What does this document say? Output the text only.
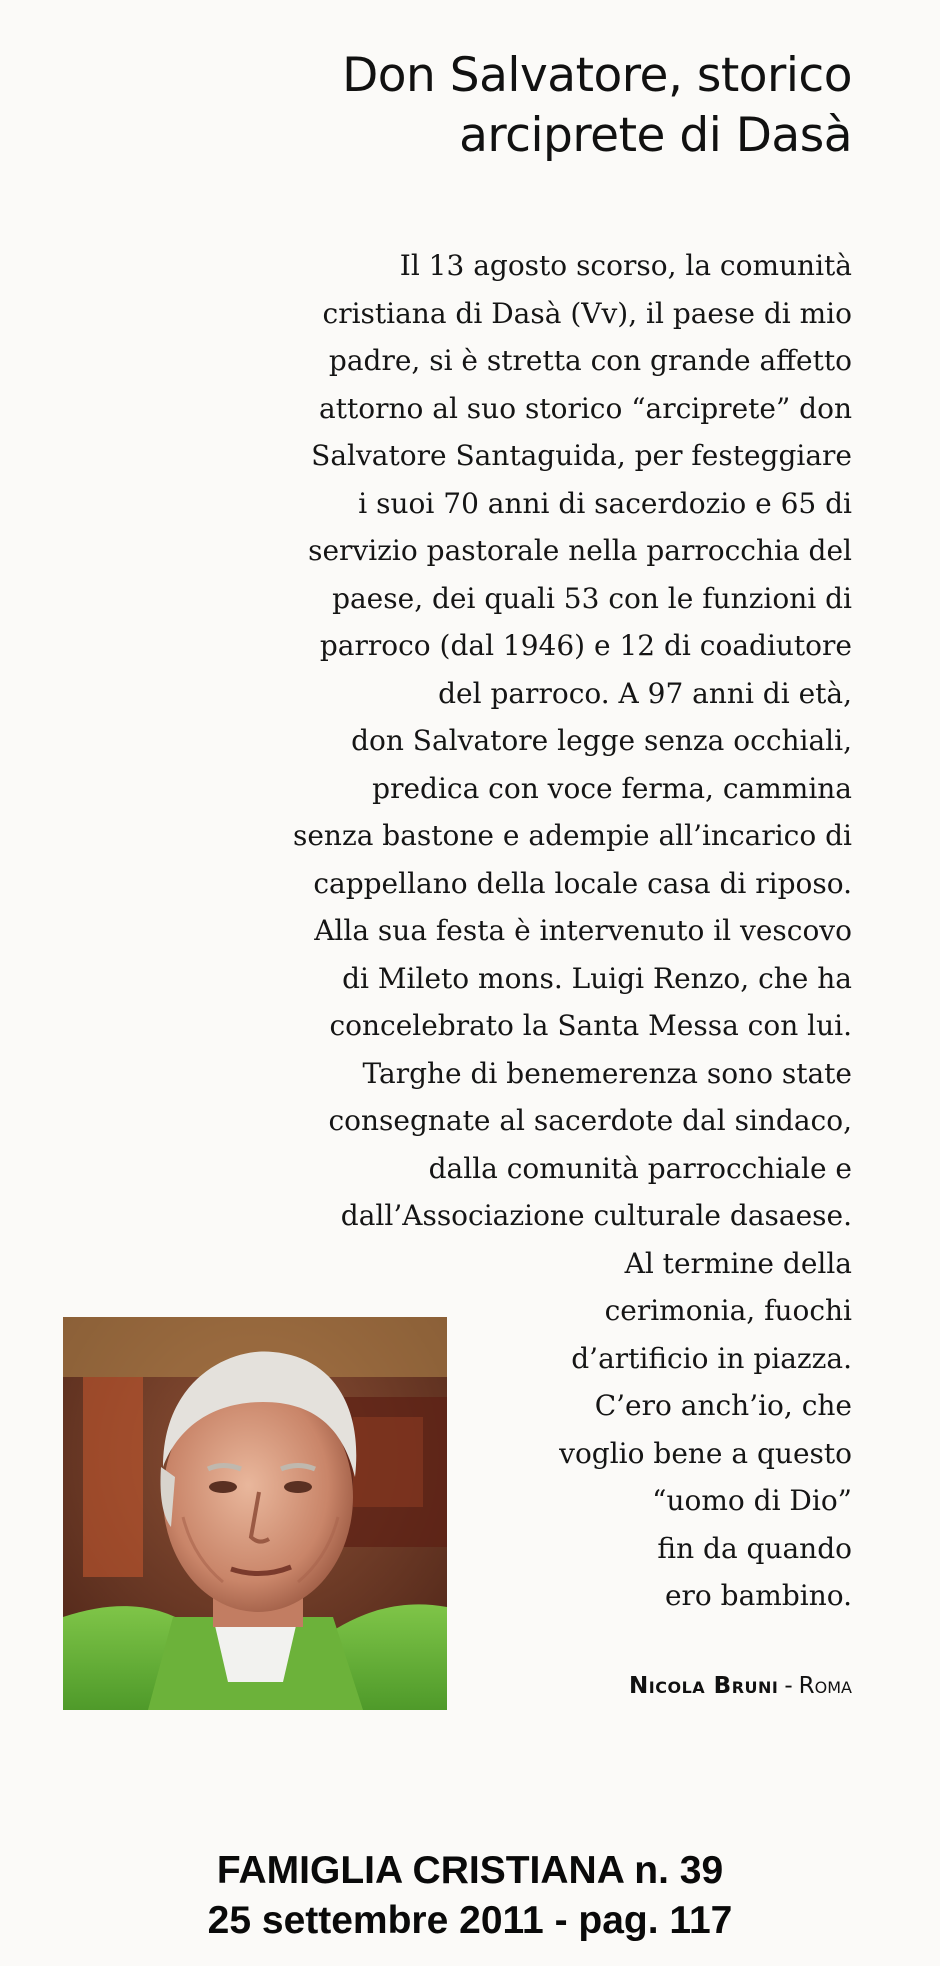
Don Salvatore, storico
arciprete di Dasà
Il 13 agosto scorso, la comunità
cristiana di Dasà (Vv), il paese di mio
padre, si è stretta con grande affetto
attorno al suo storico “arciprete” don
Salvatore Santaguida, per festeggiare
i suoi 70 anni di sacerdozio e 65 di
servizio pastorale nella parrocchia del
paese, dei quali 53 con le funzioni di
parroco (dal 1946) e 12 di coadiutore
del parroco. A 97 anni di età,
don Salvatore legge senza occhiali,
predica con voce ferma, cammina
senza bastone e adempie all’incarico di
cappellano della locale casa di riposo.
Alla sua festa è intervenuto il vescovo
di Mileto mons. Luigi Renzo, che ha
concelebrato la Santa Messa con lui.
Targhe di benemerenza sono state
consegnate al sacerdote dal sindaco,
dalla comunità parrocchiale e
dall’Associazione culturale dasaese.
Al termine della
cerimonia, fuochi
d’artificio in piazza.
C’ero anch’io, che
voglio bene a questo
“uomo di Dio”
fin da quando
ero bambino.
Nicola Bruni - Roma
FAMIGLIA CRISTIANA n. 39
25 settembre 2011 - pag. 117
